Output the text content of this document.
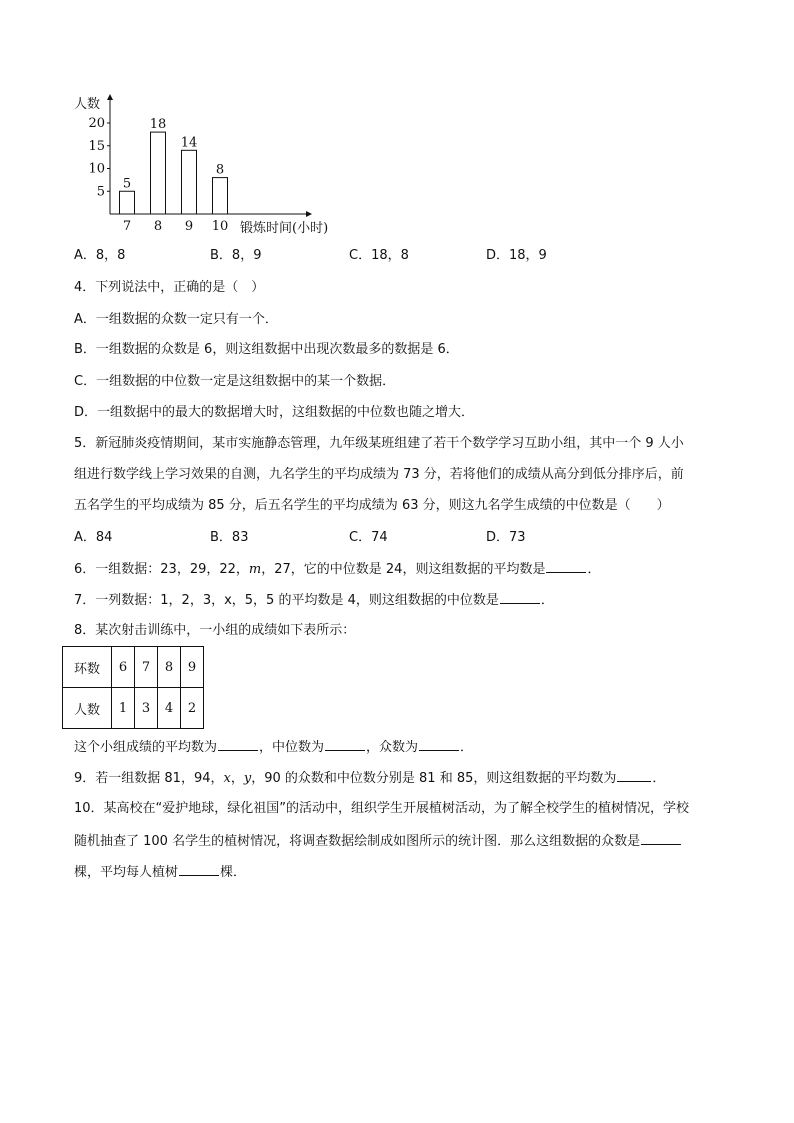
5
10
15
20
5
7
18
8
14
9
8
10
人数
锻炼时间(小时)
A．8，8	B．8，9	C．18，8	D．18，9
4．下列说法中，正确的是（　）
A．一组数据的众数一定只有一个．
B．一组数据的众数是 6，则这组数据中出现次数最多的数据是 6．
C．一组数据的中位数一定是这组数据中的某一个数据．
D．一组数据中的最大的数据增大时，这组数据的中位数也随之增大．
5．新冠肺炎疫情期间，某市实施静态管理，九年级某班组建了若干个数学学习互助小组，其中一个 9 人小
组进行数学线上学习效果的自测，九名学生的平均成绩为 73 分，若将他们的成绩从高分到低分排序后，前
五名学生的平均成绩为 85 分，后五名学生的平均成绩为 63 分，则这九名学生成绩的中位数是（　　）
A．84	B．83	C．74	D．73
6．一组数据：23，29，22，m，27，它的中位数是 24，则这组数据的平均数是	．
7．一列数据：1，2，3，x，5，5 的平均数是 4，则这组数据的中位数是	．
8．某次射击训练中，一小组的成绩如下表所示：
环数	6	7	8	9
人数	1	3	4	2
这个小组成绩的平均数为	，中位数为	，众数为	．
9．若一组数据 81，94，x，y，90 的众数和中位数分别是 81 和 85，则这组数据的平均数为	．
10．某高校在“爱护地球，绿化祖国”的活动中，组织学生开展植树活动，为了解全校学生的植树情况，学校
随机抽查了 100 名学生的植树情况，将调查数据绘制成如图所示的统计图．那么这组数据的众数是
棵，平均每人植树	棵．
